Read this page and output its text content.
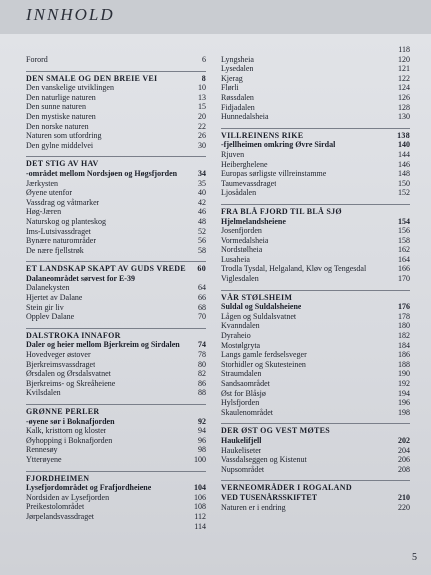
INNHOLD
Forord	6
DEN SMALE OG DEN BREIE VEI	8
Den vanskelige utviklingen	10
Den naturlige naturen	13
Den sunne naturen	15
Den mystiske naturen	20
Den norske naturen	22
Naturen som utfordring	26
Den gylne middelvei	30
DET STIG AV HAV
-området mellom Nordsjøen og Høgsfjorden	34
Jærkysten	35
Øyene utenfor	40
Vassdrag og våtmarker	42
Høg-Jæren	46
Naturskog og planteskog	48
Ims-Lutsivassdraget	52
Bynære naturområder	56
De nære fjellstrøk	58
ET LANDSKAP SKAPT AV GUDS VREDE	60
Dalaneområdet sørvest for E-39
Dalanekysten	64
Hjertet av Dalane	66
Stein gir liv	68
Opplev Dalane	70
DALSTROKA INNAFOR
Daler og heier mellom Bjerkreim og Sirdalen	74
Hovedveger østover	78
Bjerkreimsvassdraget	80
Ørsdalen og Ørsdalsvatnet	82
Bjerkreims- og Skreåheiene	86
Kvilsdalen	88
GRØNNE PERLER
-øyene sør i Boknafjorden	92
Kalk, kristtorn og kloster	94
Øyhopping i Boknafjorden	96
Rennesøy	98
Ytterøyene	100
FJORDHEIMEN
Lysefjordområdet og Frafjordheiene	104
Nordsiden av Lysefjorden	106
Preikestolområdet	108
Jørpelandsvassdraget	112
114
118
Lyngsheia	120
Lysedalen	121
Kjerag	122
Flørli	124
Røssdalen	126
Fidjadalen	128
Hunnedalsheia	130
VILLREINENS RIKE	138
-fjellheimen omkring Øvre Sirdal	140
Rjuven	144
Heiberghelene	146
Europas sørligste villreinstamme	148
Taumevassdraget	150
Ljosådalen	152
FRA BLÅ FJORD TIL BLÅ SJØ
Hjelmelandsheiene	154
Josenfjorden	156
Vormedalsheia	158
Nordstølheia	162
Lusaheia	164
Trodla Tysdal, Helgaland, Kløv og Tengesdal	166
Viglesdalen	170
VÅR STØLSHEIM
Suldal og Suldalsheiene	176
Lågen og Suldalsvatnet	178
Kvanndalen	180
Dyraheio	182
Mostølgryta	184
Langs gamle ferdselsveger	186
Storhidler og Skutesteinen	188
Straumdalen	190
Sandsaområdet	192
Øst for Blåsjø	194
Hylsfjorden	196
Skaulenområdet	198
DER ØST OG VEST MØTES
Haukelifjell	202
Haukeliseter	204
Vassdalseggen og Kistenut	206
Nupsområdet	208
VERNEOMRÅDER I ROGALAND
VED TUSENÅRSSKIFTET	210
Naturen er i endring	220
5
